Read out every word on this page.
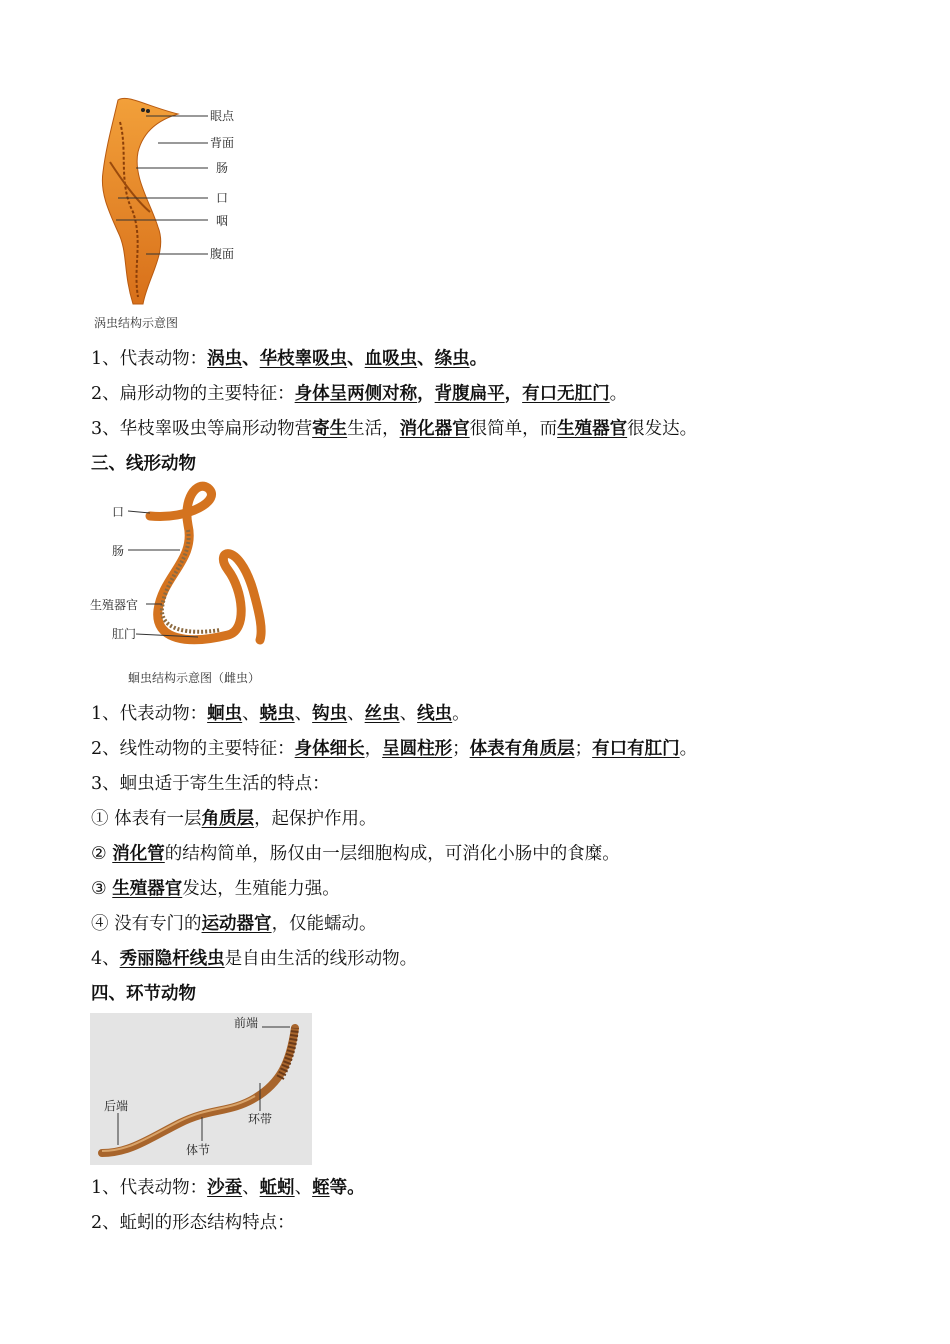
眼点
背面
肠
口
咽
腹面
涡虫结构示意图
1、代表动物：涡虫、华枝睾吸虫、血吸虫、绦虫。
2、扁形动物的主要特征：身体呈两侧对称，背腹扁平，有口无肛门。
3、华枝睾吸虫等扁形动物营寄生生活，消化器官很简单，而生殖器官很发达。
三、线形动物
口
肠
生殖器官
肛门
蛔虫结构示意图（雌虫）
1、代表动物：蛔虫、蛲虫、钩虫、丝虫、线虫。
2、线性动物的主要特征：身体细长，呈圆柱形；体表有角质层；有口有肛门。
3、蛔虫适于寄生生活的特点：
① 体表有一层角质层，起保护作用。
② 消化管的结构简单，肠仅由一层细胞构成，可消化小肠中的食糜。
③ 生殖器官发达，生殖能力强。
④ 没有专门的运动器官，仅能蠕动。
4、秀丽隐杆线虫是自由生活的线形动物。
四、环节动物
前端
后端
环带
体节
1、代表动物：沙蚕、蚯蚓、蛭等。
2、蚯蚓的形态结构特点：
